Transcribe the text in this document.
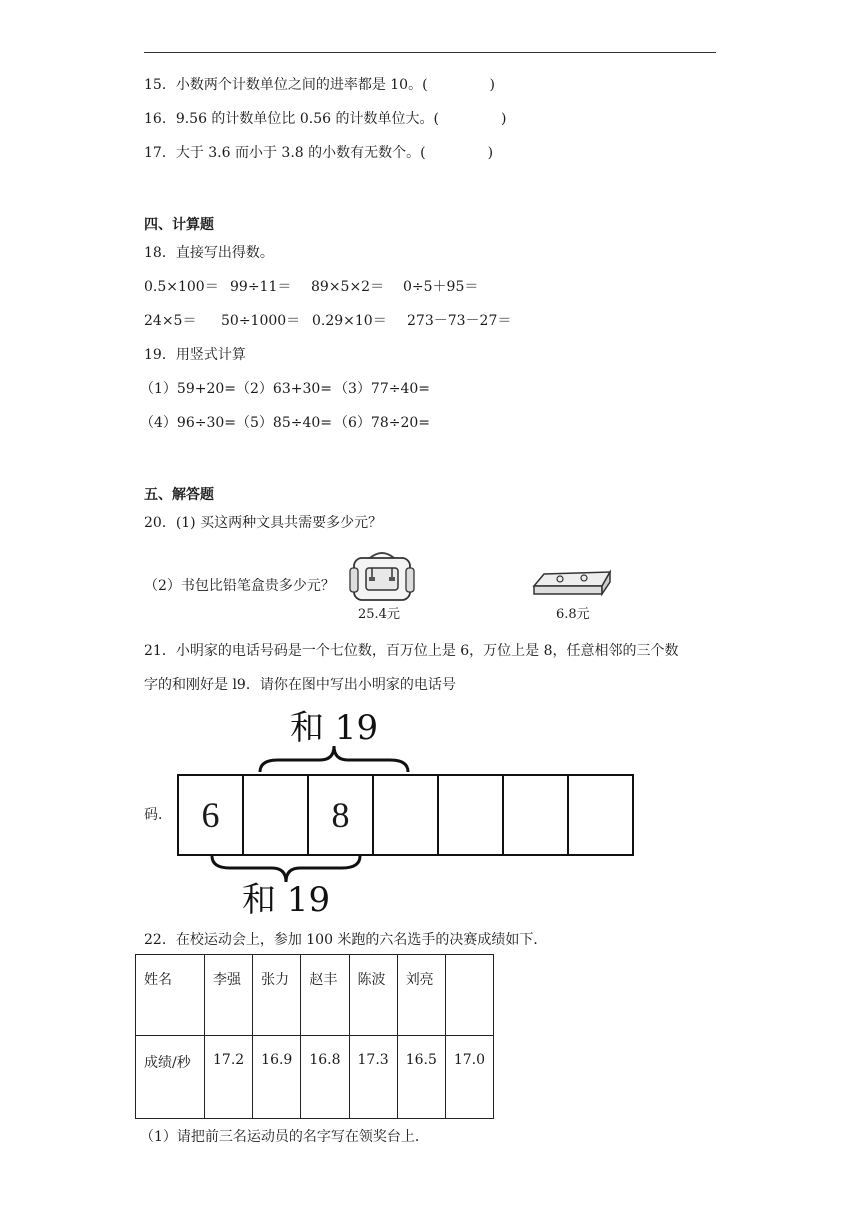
15．小数两个计数单位之间的进率都是 10。(	)
16．9.56 的计数单位比 0.56 的计数单位大。(	)
17．大于 3.6 而小于 3.8 的小数有无数个。(	)
四、计算题
18．直接写出得数。
0.5×100＝ 99÷11＝ 89×5×2＝ 0÷5＋95＝
24×5＝ 50÷1000＝ 0.29×10＝ 273－73－27＝
19．用竖式计算
（1）59+20= （2）63+30= （3）77÷40=
（4）96÷30= （5）85÷40= （6）78÷20=
五、解答题
20．(1) 买这两种文具共需要多少元？
（2）书包比铅笔盒贵多少元？
25.4元	6.8元
21．小明家的电话号码是一个七位数，百万位上是 6，万位上是 8，任意相邻的三个数
字的和刚好是 l9．请你在图中写出小明家的电话号
和 19
码． 6	8
和 19
22．在校运动会上，参加 100 米跑的六名选手的决赛成绩如下．
姓名	李强	张力	赵丰	陈波	刘亮	
成绩/秒	17.2	16.9	16.8	17.3	16.5	17.0
（1）请把前三名运动员的名字写在领奖台上．
